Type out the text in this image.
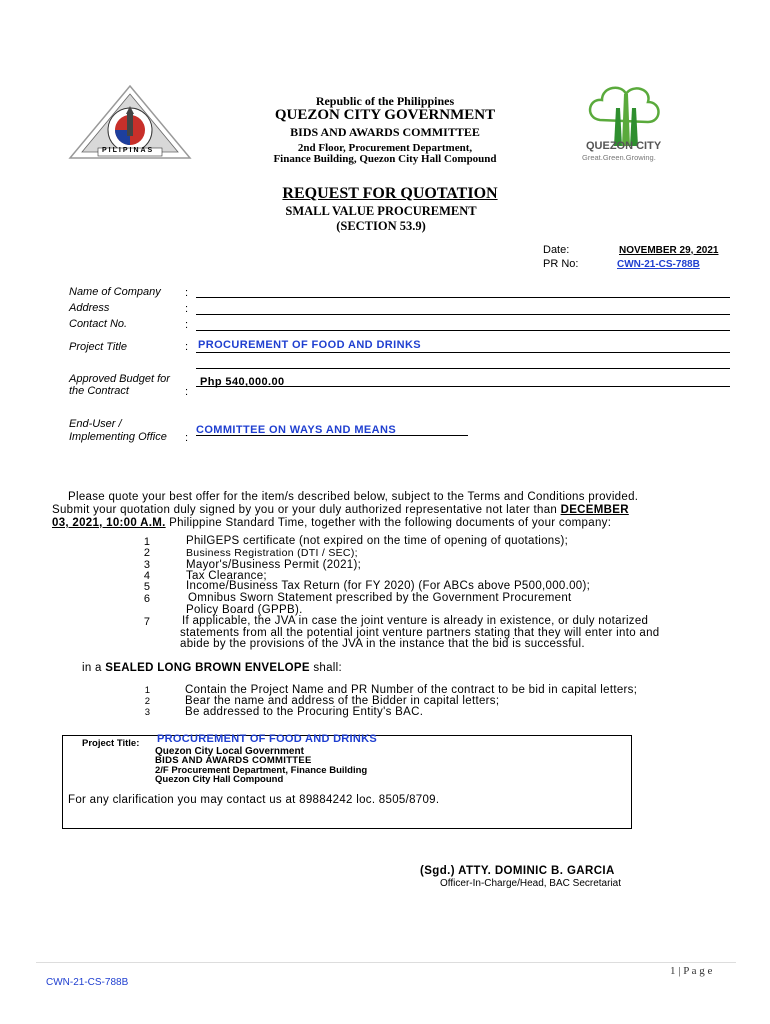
PILIPINAS
Republic of the Philippines
QUEZON CITY GOVERNMENT
BIDS AND AWARDS COMMITTEE
2nd Floor, Procurement Department,
Finance Building, Quezon City Hall Compound
QUEZON CITY
Great.Green.Growing.
REQUEST FOR QUOTATION
SMALL VALUE PROCUREMENT
(SECTION 53.9)
Date:	NOVEMBER 29, 2021
PR No:	CWN-21-CS-788B
Name of Company :
Address	:
Contact No.	:
Project Title	: PROCUREMENT OF FOOD AND DRINKS
Approved Budget for
the Contract	:
Php 540,000.00
End-User /
Implementing Office :
COMMITTEE ON WAYS AND MEANS
Please quote your best offer for the item/s described below, subject to the Terms and Conditions provided.
Submit your quotation duly signed by you or your duly authorized representative not later than DECEMBER
03, 2021, 10:00 A.M. Philippine Standard Time, together with the following documents of your company:
1	PhilGEPS certificate (not expired on the time of opening of quotations);
2	Business Registration (DTI / SEC);
3	Mayor's/Business Permit (2021);
4	Tax Clearance;
5	Income/Business Tax Return (for FY 2020) (For ABCs above P500,000.00);
6	Omnibus Sworn Statement prescribed by the Government Procurement
Policy Board (GPPB).
7	If applicable, the JVA in case the joint venture is already in existence, or duly notarized
statements from all the potential joint venture partners stating that they will enter into and
abide by the provisions of the JVA in the instance that the bid is successful.
in a SEALED LONG BROWN ENVELOPE shall:
1	Contain the Project Name and PR Number of the contract to be bid in capital letters;
2	Bear the name and address of the Bidder in capital letters;
3	Be addressed to the Procuring Entity's BAC.
Project Title: PROCUREMENT OF FOOD AND DRINKS
Quezon City Local Government
BIDS AND AWARDS COMMITTEE
2/F Procurement Department, Finance Building
Quezon City Hall Compound
For any clarification you may contact us at 89884242 loc. 8505/8709.
(Sgd.) ATTY. DOMINIC B. GARCIA
Officer-In-Charge/Head, BAC Secretariat
1 | P a g e
CWN-21-CS-788B
